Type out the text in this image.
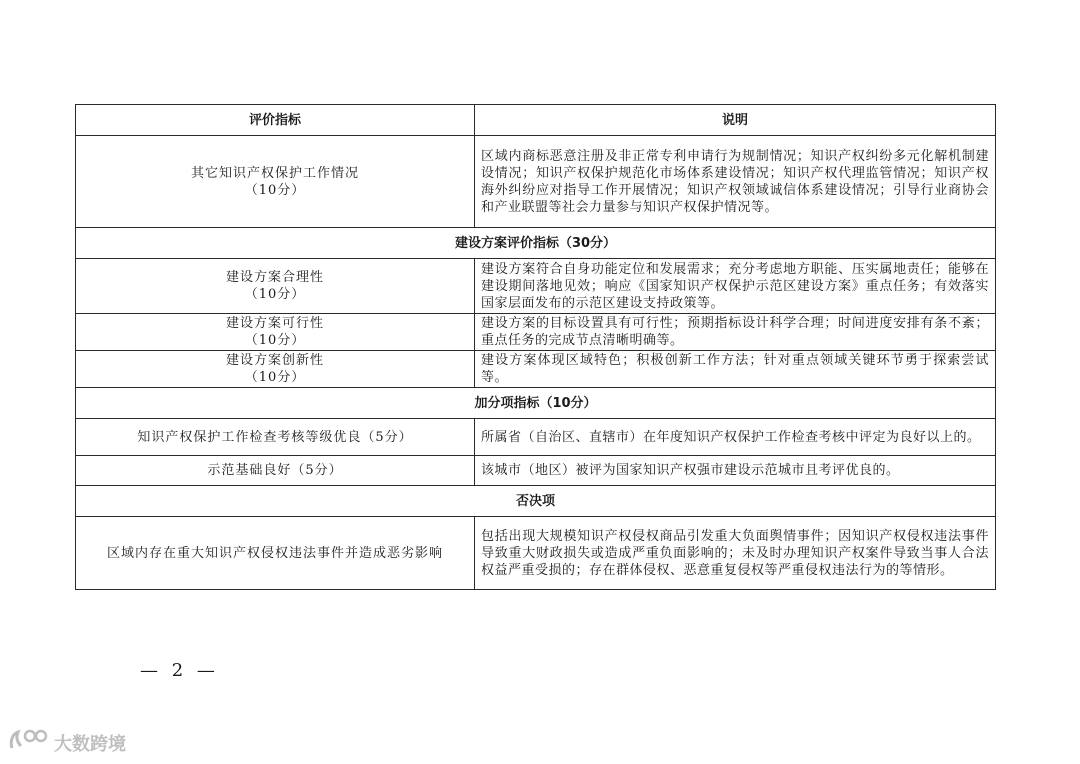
评价指标	说明
其它知识产权保护工作情况
（10分）	区域内商标恶意注册及非正常专利申请行为规制情况；知识产权纠纷多元化解机制建设情况；知识产权保护规范化市场体系建设情况；知识产权代理监管情况；知识产权海外纠纷应对指导工作开展情况；知识产权领域诚信体系建设情况；引导行业商协会和产业联盟等社会力量参与知识产权保护情况等。
建设方案评价指标（30分）	
建设方案合理性
（10分）	建设方案符合自身功能定位和发展需求；充分考虑地方职能、压实属地责任；能够在建设期间落地见效；响应《国家知识产权保护示范区建设方案》重点任务；有效落实国家层面发布的示范区建设支持政策等。
建设方案可行性
（10分）	建设方案的目标设置具有可行性；预期指标设计科学合理；时间进度安排有条不紊；重点任务的完成节点清晰明确等。
建设方案创新性
（10分）	建设方案体现区域特色；积极创新工作方法；针对重点领域关键环节勇于探索尝试等。
加分项指标（10分）	
知识产权保护工作检查考核等级优良（5分）	所属省（自治区、直辖市）在年度知识产权保护工作检查考核中评定为良好以上的。
示范基础良好（5分）	该城市（地区）被评为国家知识产权强市建设示范城市且考评优良的。
否决项	
区域内存在重大知识产权侵权违法事件并造成恶劣影响	包括出现大规模知识产权侵权商品引发重大负面舆情事件；因知识产权侵权违法事件导致重大财政损失或造成严重负面影响的；未及时办理知识产权案件导致当事人合法权益严重受损的；存在群体侵权、恶意重复侵权等严重侵权违法行为的等情形。
— 2 —
大数跨境
